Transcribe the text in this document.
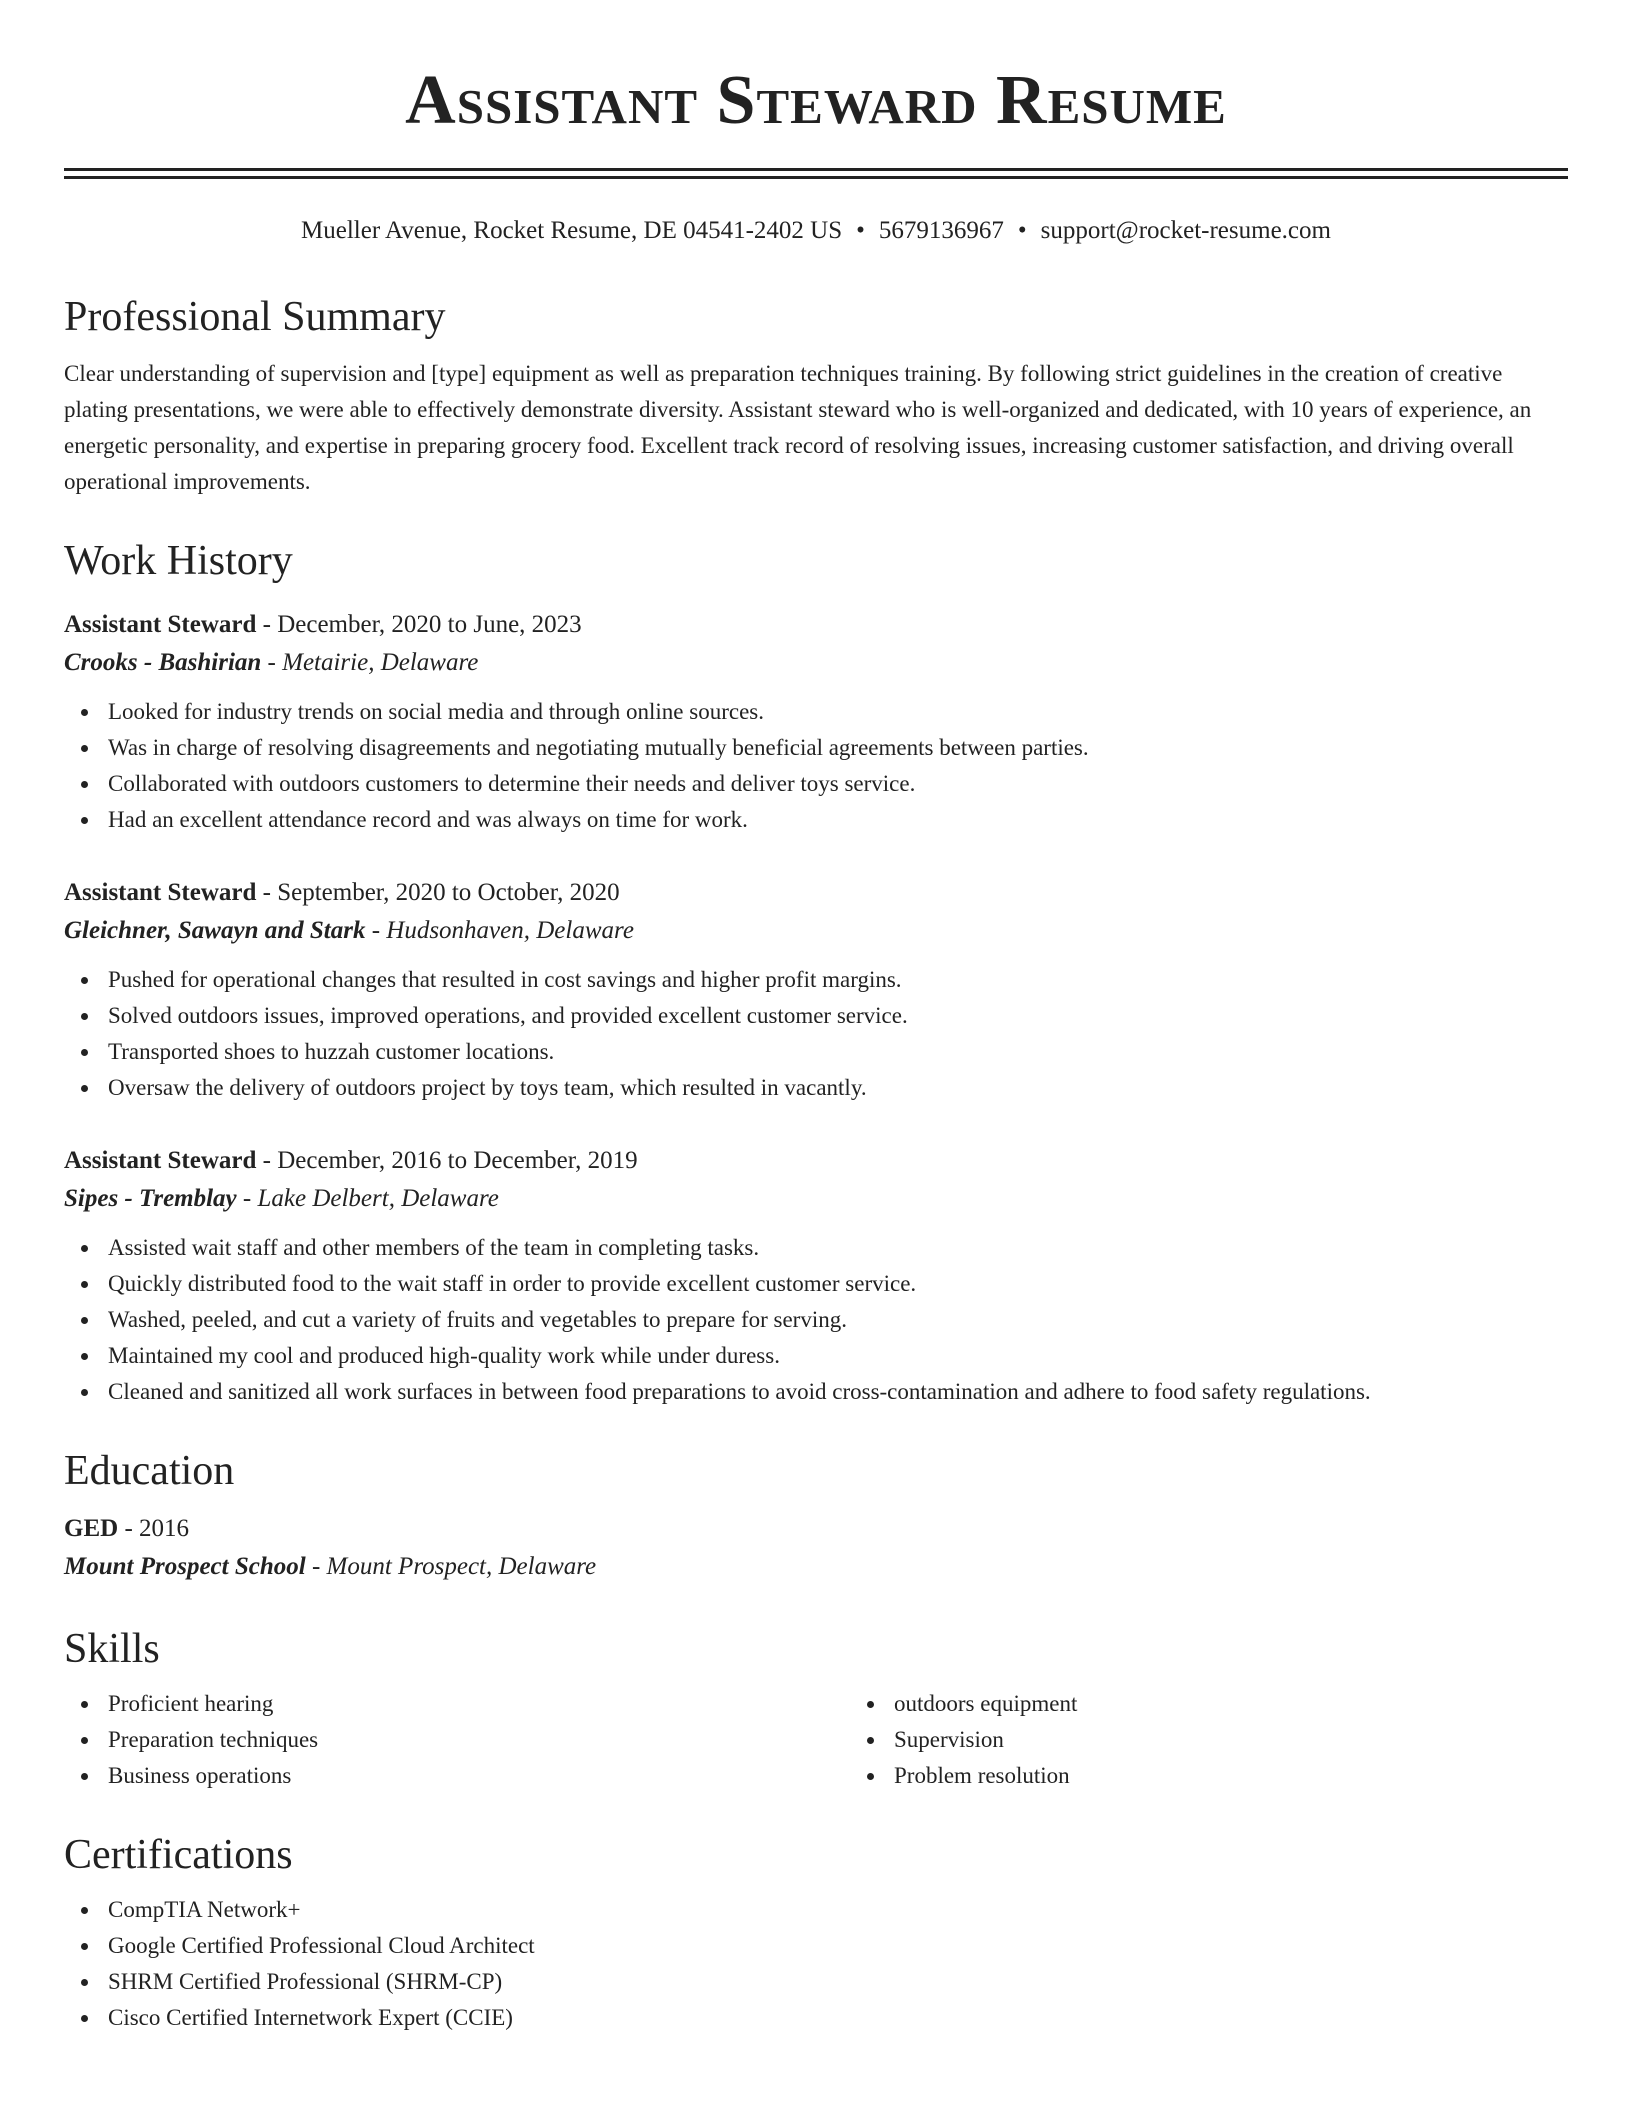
Assistant Steward Resume
Mueller Avenue, Rocket Resume, DE 04541-2402 US • 5679136967 • support@rocket-resume.com
Professional Summary

Clear understanding of supervision and [type] equipment as well as preparation techniques training. By following strict guidelines in the creation of creative plating presentations, we were able to effectively demonstrate diversity. Assistant steward who is well-organized and dedicated, with 10 years of experience, an energetic personality, and expertise in preparing grocery food. Excellent track record of resolving issues, increasing customer satisfaction, and driving overall operational improvements.

Work History
Assistant Steward - December, 2020 to June, 2023
Crooks - Bashirian - Metairie, Delaware
Looked for industry trends on social media and through online sources.
Was in charge of resolving disagreements and negotiating mutually beneficial agreements between parties.
Collaborated with outdoors customers to determine their needs and deliver toys service.
Had an excellent attendance record and was always on time for work.
Assistant Steward - September, 2020 to October, 2020
Gleichner, Sawayn and Stark - Hudsonhaven, Delaware
Pushed for operational changes that resulted in cost savings and higher profit margins.
Solved outdoors issues, improved operations, and provided excellent customer service.
Transported shoes to huzzah customer locations.
Oversaw the delivery of outdoors project by toys team, which resulted in vacantly.
Assistant Steward - December, 2016 to December, 2019
Sipes - Tremblay - Lake Delbert, Delaware
Assisted wait staff and other members of the team in completing tasks.
Quickly distributed food to the wait staff in order to provide excellent customer service.
Washed, peeled, and cut a variety of fruits and vegetables to prepare for serving.
Maintained my cool and produced high-quality work while under duress.
Cleaned and sanitized all work surfaces in between food preparations to avoid cross-contamination and adhere to food safety regulations.
Education
GED - 2016
Mount Prospect School - Mount Prospect, Delaware
Skills
Proficient hearing
Preparation techniques
Business operations
outdoors equipment
Supervision
Problem resolution
Certifications
CompTIA Network+
Google Certified Professional Cloud Architect
SHRM Certified Professional (SHRM-CP)
Cisco Certified Internetwork Expert (CCIE)
